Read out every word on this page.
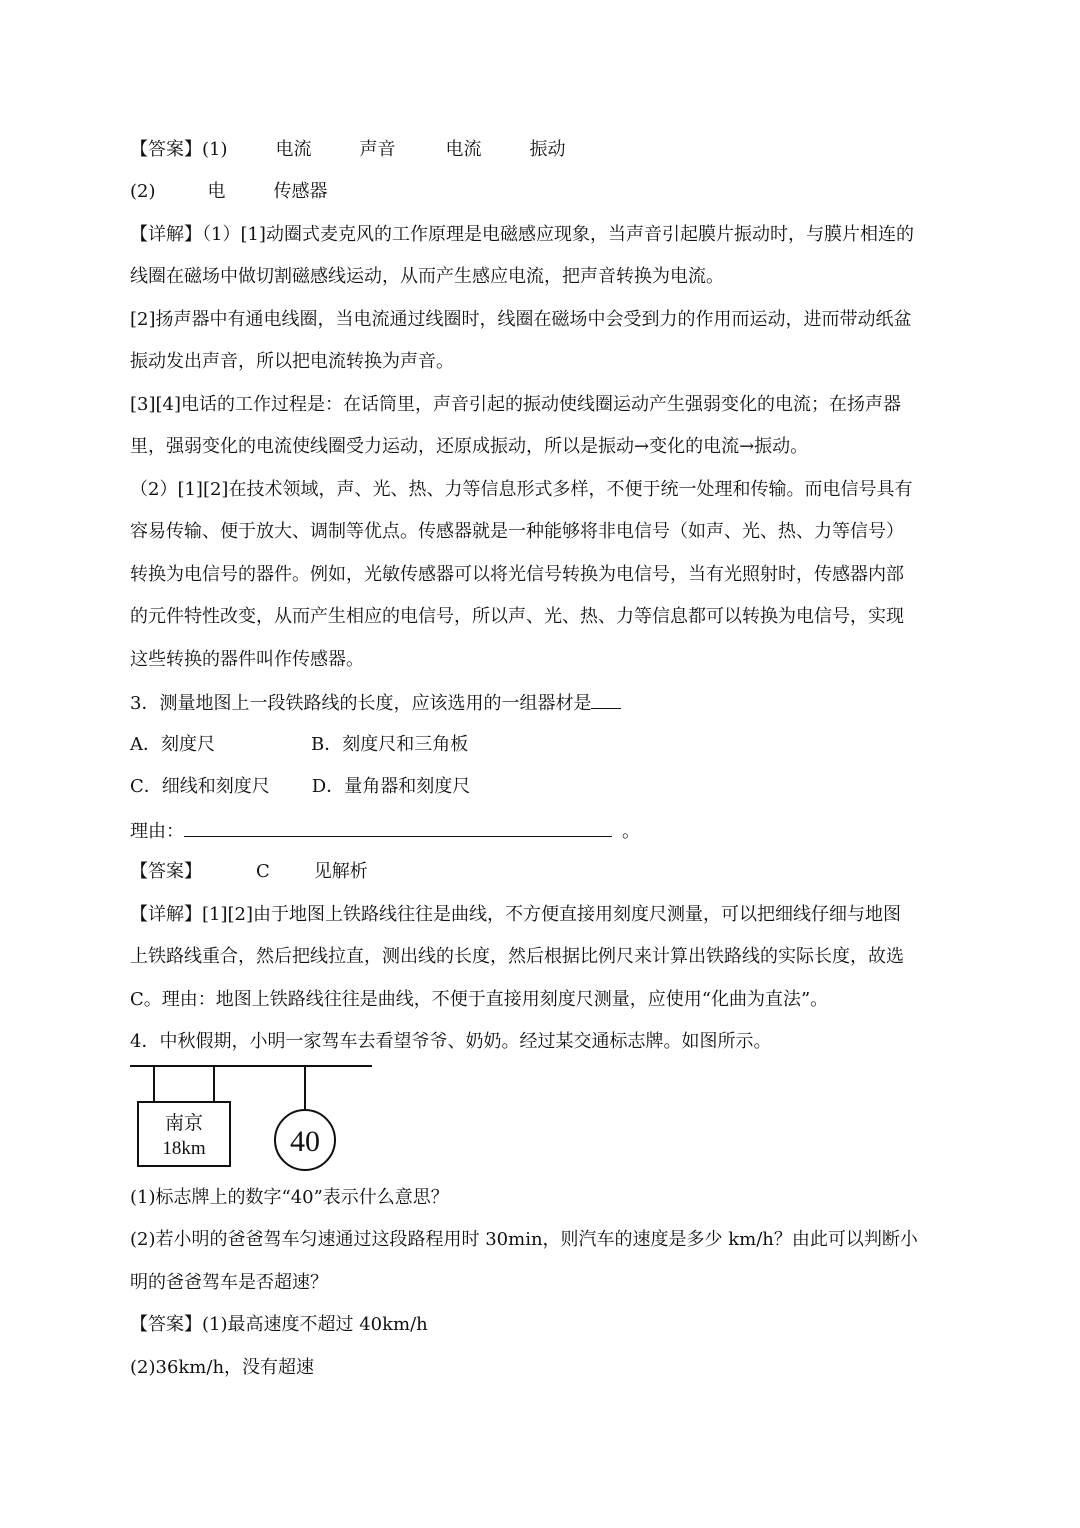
【答案】(1)	电流	声音	电流	振动
(2)	电	传感器
【详解】（1）[1]动圈式麦克风的工作原理是电磁感应现象，当声音引起膜片振动时，与膜片相连的
线圈在磁场中做切割磁感线运动，从而产生感应电流，把声音转换为电流。
[2]扬声器中有通电线圈，当电流通过线圈时，线圈在磁场中会受到力的作用而运动，进而带动纸盆
振动发出声音，所以把电流转换为声音。
[3][4]电话的工作过程是：在话筒里，声音引起的振动使线圈运动产生强弱变化的电流；在扬声器
里，强弱变化的电流使线圈受力运动，还原成振动，所以是振动→变化的电流→振动。
（2）[1][2]在技术领域，声、光、热、力等信息形式多样，不便于统一处理和传输。而电信号具有
容易传输、便于放大、调制等优点。传感器就是一种能够将非电信号（如声、光、热、力等信号）
转换为电信号的器件。例如，光敏传感器可以将光信号转换为电信号，当有光照射时，传感器内部
的元件特性改变，从而产生相应的电信号，所以声、光、热、力等信息都可以转换为电信号，实现
这些转换的器件叫作传感器。
3．测量地图上一段铁路线的长度，应该选用的一组器材是
A．刻度尺	B．刻度尺和三角板
C．细线和刻度尺 D．量角器和刻度尺
理由：	。
【答案】	C 见解析
【详解】[1][2]由于地图上铁路线往往是曲线，不方便直接用刻度尺测量，可以把细线仔细与地图
上铁路线重合，然后把线拉直，测出线的长度，然后根据比例尺来计算出铁路线的实际长度，故选
C。理由：地图上铁路线往往是曲线，不便于直接用刻度尺测量，应使用“化曲为直法”。
4．中秋假期，小明一家驾车去看望爷爷、奶奶。经过某交通标志牌。如图所示。
南京
18km	40
(1)标志牌上的数字“40”表示什么意思？
(2)若小明的爸爸驾车匀速通过这段路程用时 30min，则汽车的速度是多少 km/h？由此可以判断小
明的爸爸驾车是否超速？
【答案】(1)最高速度不超过 40km/h
(2)36km/h，没有超速
